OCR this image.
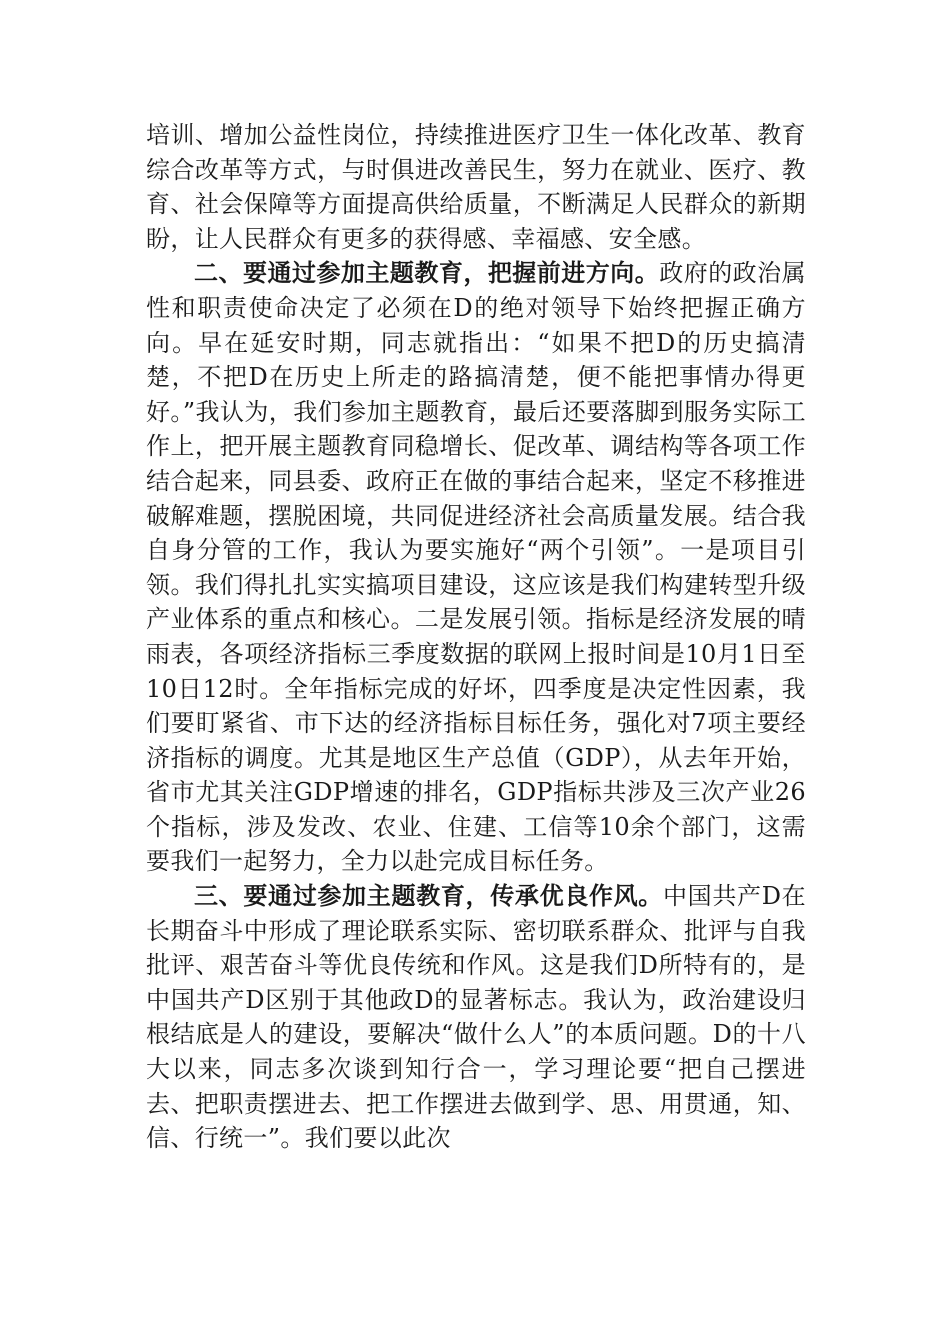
培训、增加公益性岗位，持续推进医疗卫生一体化改革、教育综合改革等方式，与时俱进改善民生，努力在就业、医疗、教育、社会保障等方面提高供给质量，不断满足人民群众的新期盼，让人民群众有更多的获得感、幸福感、安全感。

二、要通过参加主题教育，把握前进方向。政府的政治属性和职责使命决定了必须在D的绝对领导下始终把握正确方向。早在延安时期，同志就指出：“如果不把D的历史搞清楚，不把D在历史上所走的路搞清楚，便不能把事情办得更好。”我认为，我们参加主题教育，最后还要落脚到服务实际工作上，把开展主题教育同稳增长、促改革、调结构等各项工作结合起来，同县委、政府正在做的事结合起来，坚定不移推进破解难题，摆脱困境，共同促进经济社会高质量发展。结合我自身分管的工作，我认为要实施好“两个引领”。一是项目引领。我们得扎扎实实搞项目建设，这应该是我们构建转型升级产业体系的重点和核心。二是发展引领。指标是经济发展的晴雨表，各项经济指标三季度数据的联网上报时间是10月1日至10日12时。全年指标完成的好坏，四季度是决定性因素，我们要盯紧省、市下达的经济指标目标任务，强化对7项主要经济指标的调度。尤其是地区生产总值（GDP），从去年开始，省市尤其关注GDP增速的排名，GDP指标共涉及三次产业26个指标，涉及发改、农业、住建、工信等10余个部门，这需要我们一起努力，全力以赴完成目标任务。

三、要通过参加主题教育，传承优良作风。中国共产D在长期奋斗中形成了理论联系实际、密切联系群众、批评与自我批评、艰苦奋斗等优良传统和作风。这是我们D所特有的，是中国共产D区别于其他政D的显著标志。我认为，政治建设归根结底是人的建设，要解决“做什么人”的本质问题。D的十八大以来，同志多次谈到知行合一，学习理论要“把自己摆进去、把职责摆进去、把工作摆进去做到学、思、用贯通，知、信、行统一”。我们要以此次
